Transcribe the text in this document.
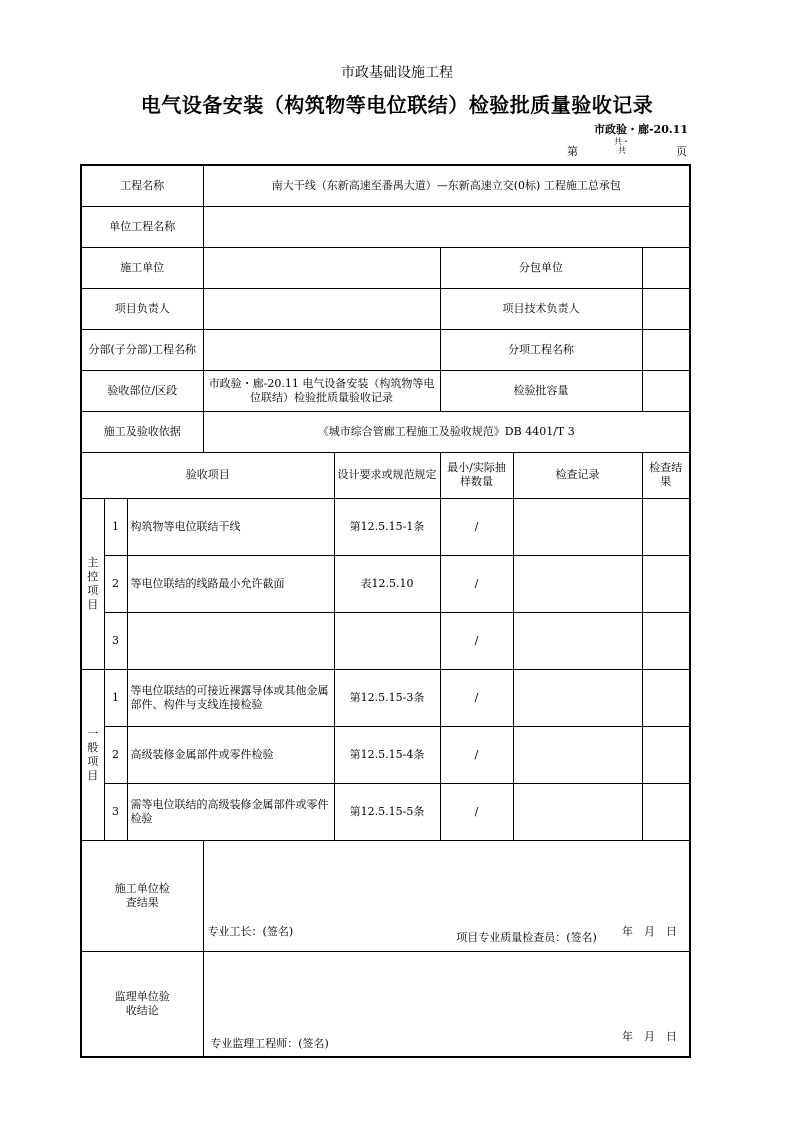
市政基础设施工程
电气设备安装（构筑物等电位联结）检验批质量验收记录
市政验・廊-20.11
第
共・
共	页
工程名称			南大干线（东新高速至番禺大道）—东新高速立交(0标) 工程施工总承包				
单位工程名称							
施工单位					分包单位		
项目负责人					项目技术负责人		
分部(子分部)工程名称					分项工程名称		
验收部位/区段			市政验・廊-20.11 电气设备安装（构筑物等电位联结）检验批质量验收记录		检验批容量		
施工及验收依据			《城市综合管廊工程施工及验收规范》DB 4401/T 3				
验收项目				设计要求或规范规定	最小/实际抽样数量	检查记录	检查结果
主控项目	1	构筑物等电位联结干线		第12.5.15-1条	/		
	2	等电位联结的线路最小允许截面		表12.5.10	/		
	3				/		
一般项目	1	等电位联结的可接近裸露导体或其他金属部件、构件与支线连接检验		第12.5.15-3条	/		
	2	高级装修金属部件或零件检验		第12.5.15-4条	/		
	3	需等电位联结的高级装修金属部件或零件检验		第12.5.15-5条	/		
施工单位检查结果			专业工长：(签名) 项目专业质量检查员：(签名) 年　月　日				

监理单位验收结论			专业监理工程师：(签名)
年　月　日				
